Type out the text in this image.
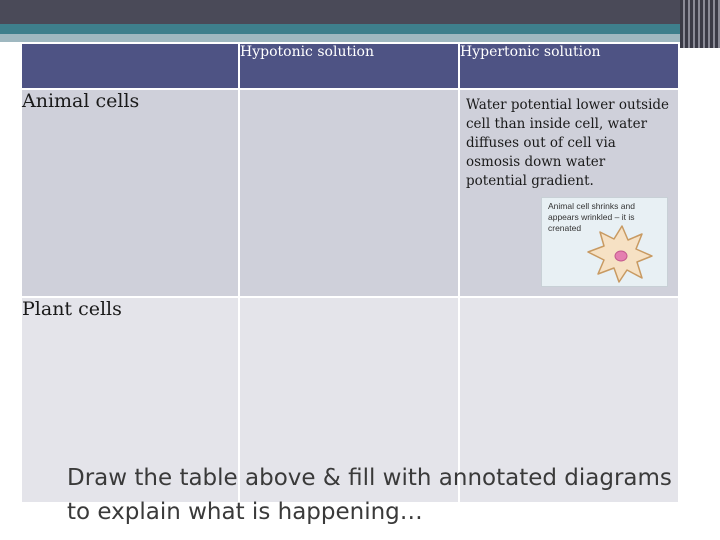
	Hypotonic solution	Hypertonic solution
Animal cells		Water potential lower outside cell than inside cell, water diffuses out of cell via osmosis down water potential gradient.

Plant cells		
Animal cell shrinks and appears wrinkled – it is crenated
Draw the table above & fill with annotated diagrams to explain what is happening…
